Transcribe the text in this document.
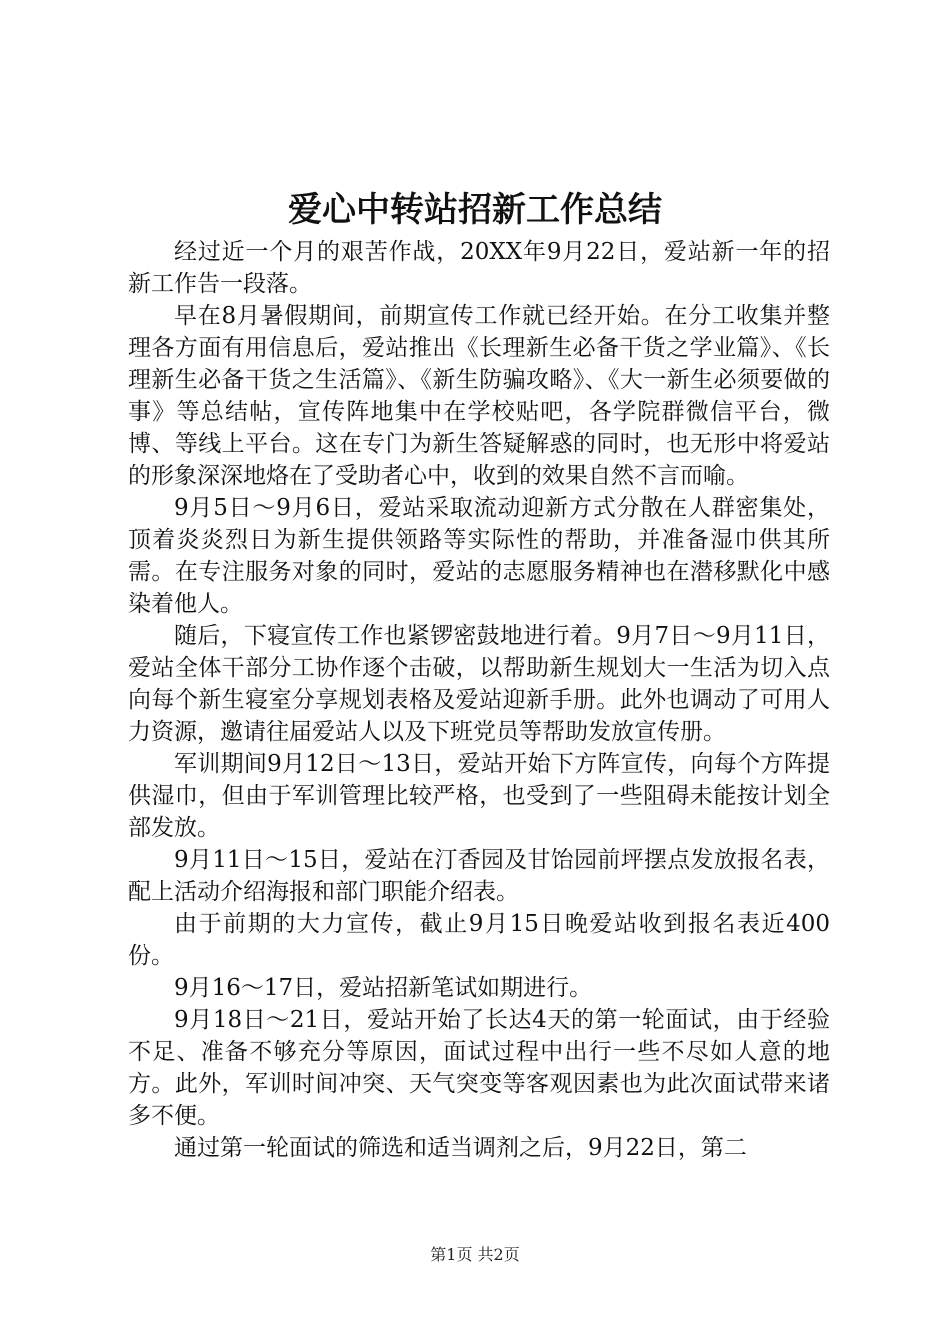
爱心中转站招新工作总结

经过近一个月的艰苦作战，20XX年9月22日，爱站新一年的招新工作告一段落。

早在8月暑假期间，前期宣传工作就已经开始。在分工收集并整理各方面有用信息后，爱站推出《长理新生必备干货之学业篇》、《长理新生必备干货之生活篇》、《新生防骗攻略》、《大一新生必须要做的事》等总结帖，宣传阵地集中在学校贴吧，各学院群微信平台，微博、等线上平台。这在专门为新生答疑解惑的同时，也无形中将爱站的形象深深地烙在了受助者心中，收到的效果自然不言而喻。

9月5日～9月6日，爱站采取流动迎新方式分散在人群密集处，顶着炎炎烈日为新生提供领路等实际性的帮助，并准备湿巾供其所需。在专注服务对象的同时，爱站的志愿服务精神也在潜移默化中感染着他人。

随后，下寝宣传工作也紧锣密鼓地进行着。9月7日～9月11日，爱站全体干部分工协作逐个击破，以帮助新生规划大一生活为切入点向每个新生寝室分享规划表格及爱站迎新手册。此外也调动了可用人力资源，邀请往届爱站人以及下班党员等帮助发放宣传册。

军训期间9月12日～13日，爱站开始下方阵宣传，向每个方阵提供湿巾，但由于军训管理比较严格，也受到了一些阻碍未能按计划全部发放。

9月11日～15日，爱站在汀香园及甘饴园前坪摆点发放报名表，配上活动介绍海报和部门职能介绍表。

由于前期的大力宣传，截止9月15日晚爱站收到报名表近400份。

9月16～17日，爱站招新笔试如期进行。

9月18日～21日，爱站开始了长达4天的第一轮面试，由于经验不足、准备不够充分等原因，面试过程中出行一些不尽如人意的地方。此外，军训时间冲突、天气突变等客观因素也为此次面试带来诸多不便。

通过第一轮面试的筛选和适当调剂之后，9月22日，第二

第1页 共2页
